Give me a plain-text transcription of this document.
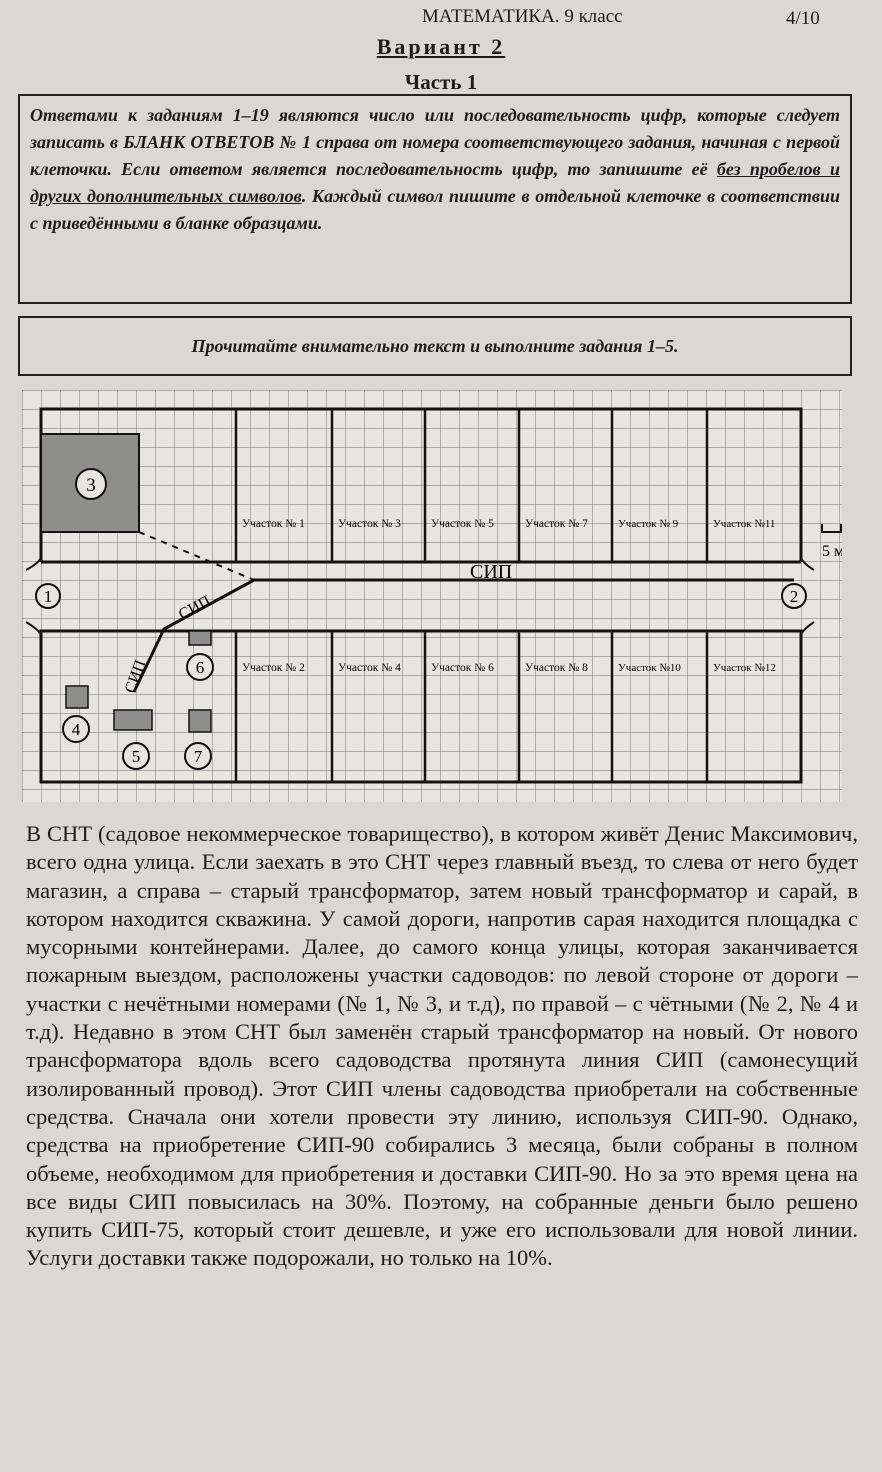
МАТЕМАТИКА. 9 класс	4/10
Вариант 2
Часть 1
Ответами к заданиям 1–19 являются число или последовательность цифр, которые следует записать в БЛАНК ОТВЕТОВ № 1 справа от номера соответствующего задания, начиная с первой клеточки. Если ответом является последовательность цифр, то запишите её без пробелов и других дополнительных символов. Каждый символ пишите в отдельной клеточке в соответствии с приведёнными в бланке образцами.
Прочитайте внимательно текст и выполните задания 1–5.
СИП
СИП
СИП
1	2
3
4
5
6
7
Участок № 1	Участок № 3	Участок № 5	Участок № 7	Участок № 9	Участок №11
Участок № 2	Участок № 4	Участок № 6	Участок № 8	Участок №10	Участок №12
5 м

В СНТ (садовое некоммерческое товарищество), в котором живёт Денис Максимович, всего одна улица. Если заехать в это СНТ через главный въезд, то слева от него будет магазин, а справа – старый трансформатор, затем новый трансформатор и сарай, в котором находится скважина. У самой дороги, напротив сарая находится площадка с мусорными контейнерами. Далее, до самого конца улицы, которая заканчивается пожарным выездом, расположены участки садоводов: по левой стороне от дороги – участки с нечётными номерами (№ 1, № 3, и т.д), по правой – с чётными (№ 2, № 4 и т.д). Недавно в этом СНТ был заменён старый трансформатор на новый. От нового трансформатора вдоль всего садоводства протянута линия СИП (самонесущий изолированный провод). Этот СИП члены садоводства приобретали на собственные средства. Сначала они хотели провести эту линию, используя СИП-90. Однако, средства на приобретение СИП-90 собирались 3 месяца, были собраны в полном объеме, необходимом для приобретения и доставки СИП-90. Но за это время цена на все виды СИП повысилась на 30%. Поэтому, на собранные деньги было решено купить СИП-75, который стоит дешевле, и уже его использовали для новой линии. Услуги доставки также подорожали, но только на 10%.
